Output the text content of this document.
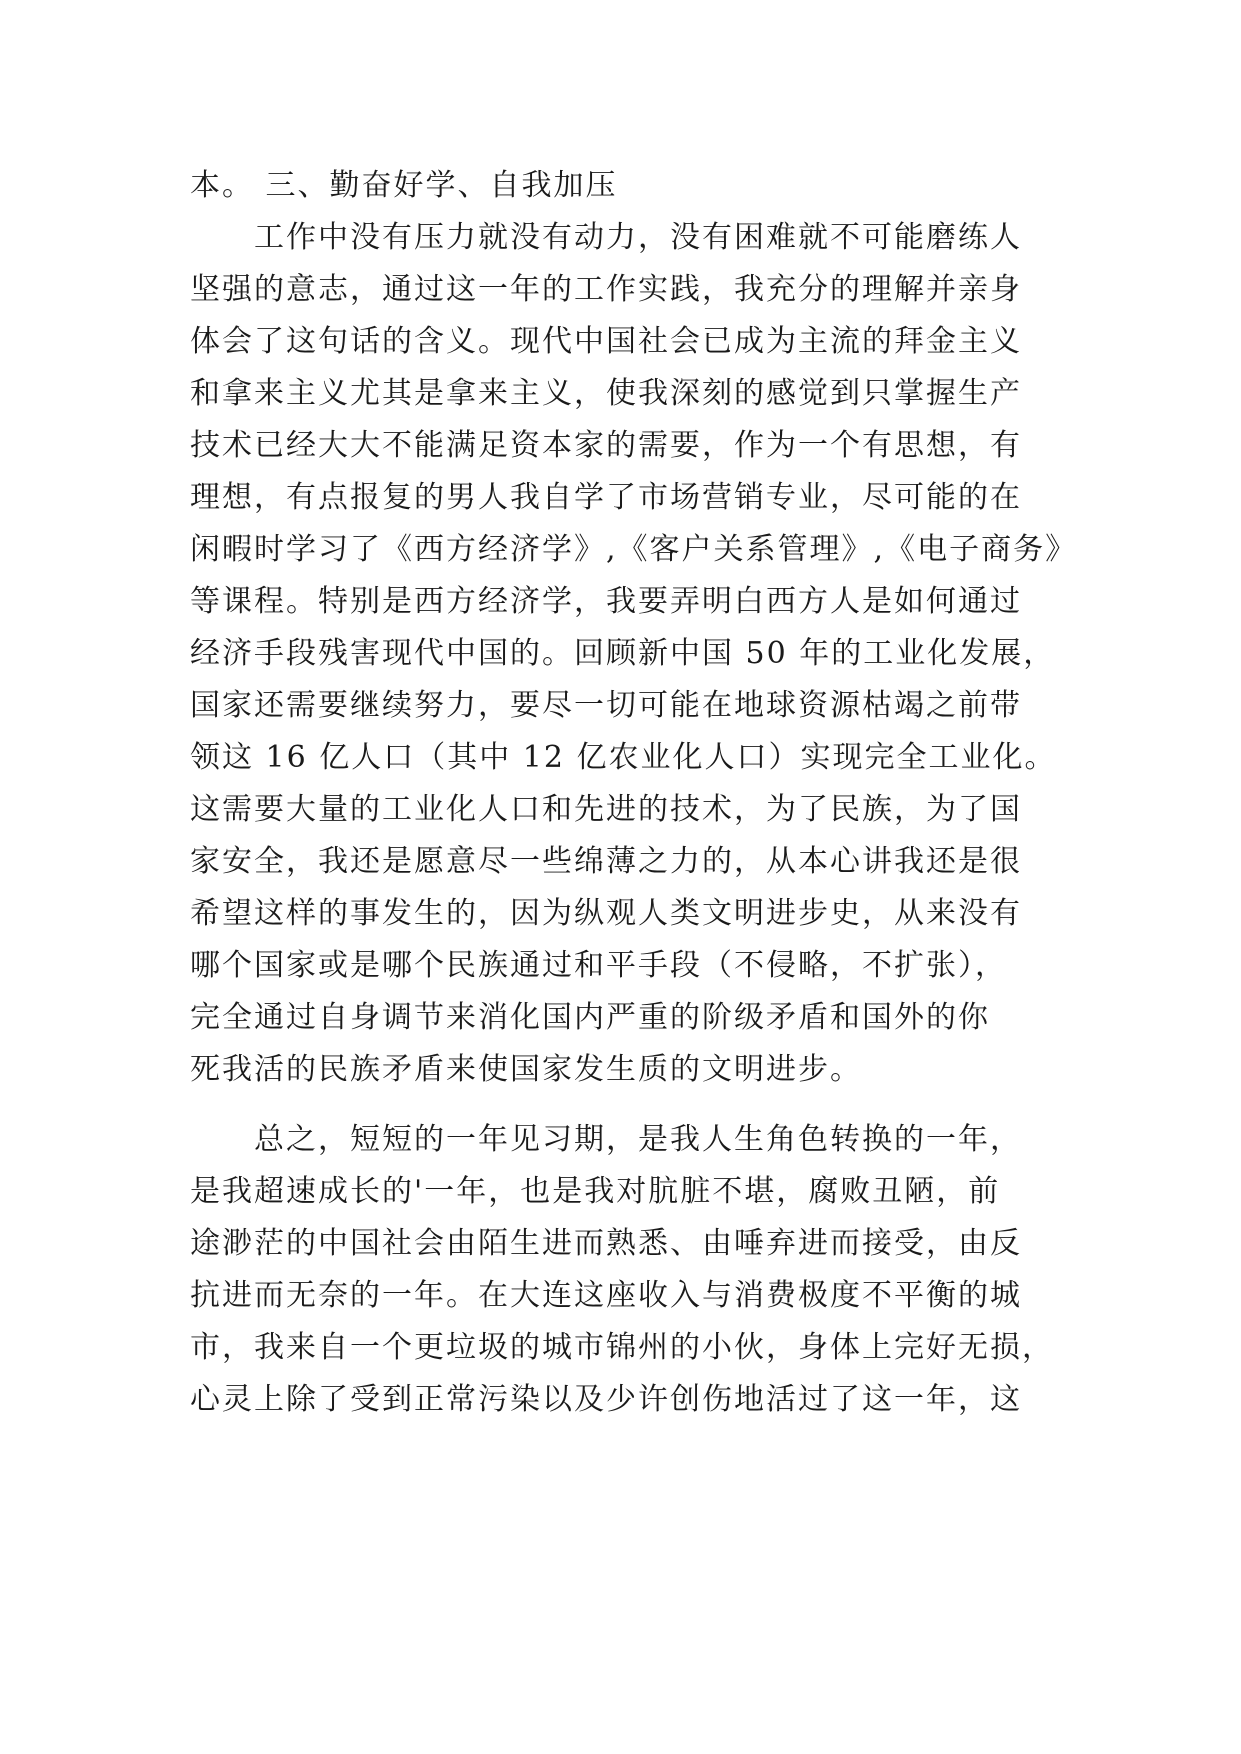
本。 三、勤奋好学、自我加压
　　工作中没有压力就没有动力，没有困难就不可能磨练人
坚强的意志，通过这一年的工作实践，我充分的理解并亲身
体会了这句话的含义。现代中国社会已成为主流的拜金主义
和拿来主义尤其是拿来主义，使我深刻的感觉到只掌握生产
技术已经大大不能满足资本家的需要，作为一个有思想，有
理想，有点报复的男人我自学了市场营销专业，尽可能的在
闲暇时学习了《西方经济学》,《客户关系管理》,《电子商务》
等课程。特别是西方经济学，我要弄明白西方人是如何通过
经济手段残害现代中国的。回顾新中国 50 年的工业化发展，
国家还需要继续努力，要尽一切可能在地球资源枯竭之前带
领这 16 亿人口（其中 12 亿农业化人口）实现完全工业化。
这需要大量的工业化人口和先进的技术，为了民族，为了国
家安全，我还是愿意尽一些绵薄之力的，从本心讲我还是很
希望这样的事发生的，因为纵观人类文明进步史，从来没有
哪个国家或是哪个民族通过和平手段（不侵略，不扩张），
完全通过自身调节来消化国内严重的阶级矛盾和国外的你
死我活的民族矛盾来使国家发生质的文明进步。
　　总之，短短的一年见习期，是我人生角色转换的一年，
是我超速成长的'一年，也是我对肮脏不堪，腐败丑陋，前
途渺茫的中国社会由陌生进而熟悉、由唾弃进而接受，由反
抗进而无奈的一年。在大连这座收入与消费极度不平衡的城
市，我来自一个更垃圾的城市锦州的小伙，身体上完好无损，
心灵上除了受到正常污染以及少许创伤地活过了这一年，这
